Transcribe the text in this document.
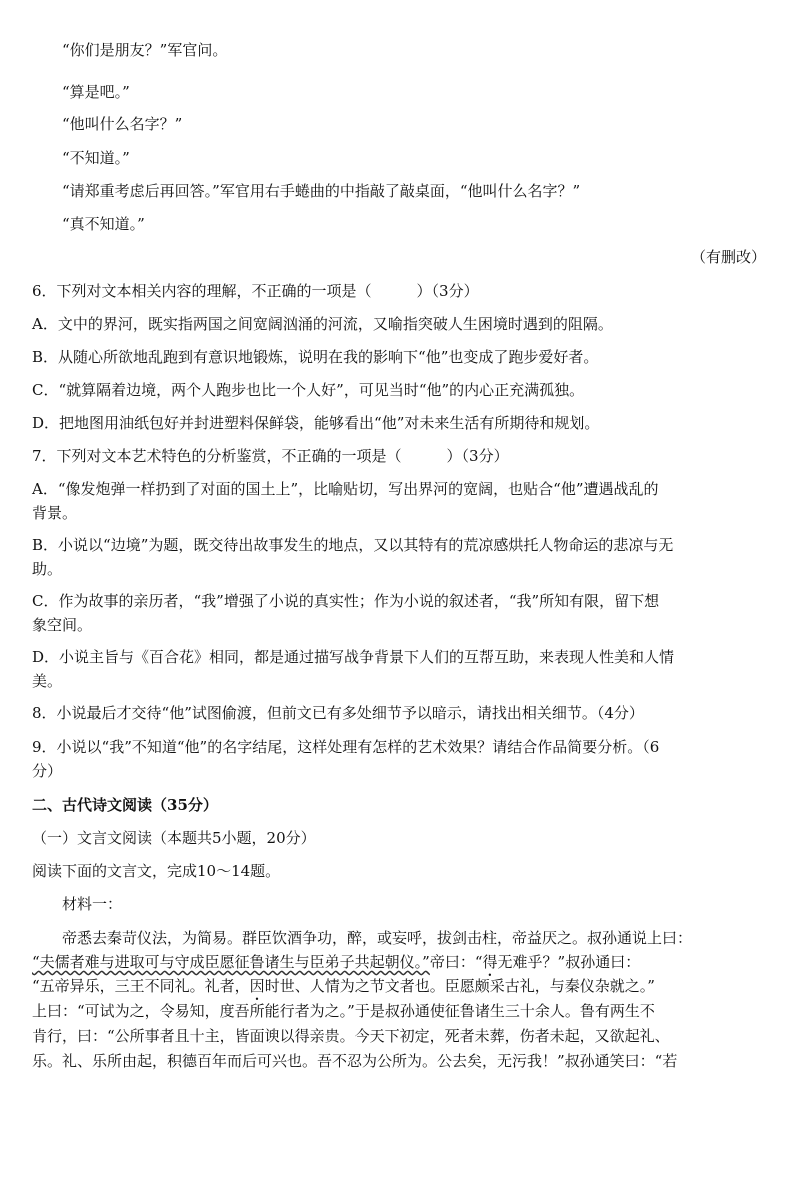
“你们是朋友？”军官问。
“算是吧。”
“他叫什么名字？”
“不知道。”
“请郑重考虑后再回答。”军官用右手蜷曲的中指敲了敲桌面，“他叫什么名字？”
“真不知道。”
（有删改）
6．下列对文本相关内容的理解，不正确的一项是（　　　）（3分）
A．文中的界河，既实指两国之间宽阔汹涌的河流，又喻指突破人生困境时遇到的阻隔。
B．从随心所欲地乱跑到有意识地锻炼，说明在我的影响下“他”也变成了跑步爱好者。
C．“就算隔着边境，两个人跑步也比一个人好”，可见当时“他”的内心正充满孤独。
D．把地图用油纸包好并封进塑料保鲜袋，能够看出“他”对未来生活有所期待和规划。
7．下列对文本艺术特色的分析鉴赏，不正确的一项是（　　　）（3分）
A．“像发炮弹一样扔到了对面的国土上”，比喻贴切，写出界河的宽阔，也贴合“他”遭遇战乱的
背景。
B．小说以“边境”为题，既交待出故事发生的地点，又以其特有的荒凉感烘托人物命运的悲凉与无
助。
C．作为故事的亲历者，“我”增强了小说的真实性；作为小说的叙述者，“我”所知有限，留下想
象空间。
D．小说主旨与《百合花》相同，都是通过描写战争背景下人们的互帮互助，来表现人性美和人情
美。
8．小说最后才交待“他”试图偷渡，但前文已有多处细节予以暗示，请找出相关细节。（4分）
9．小说以“我”不知道“他”的名字结尾，这样处理有怎样的艺术效果？请结合作品简要分析。（6
分）
二、古代诗文阅读（35分）
（一）文言文阅读（本题共5小题，20分）
阅读下面的文言文，完成10～14题。
材料一：
帝悉去秦苛仪法，为简易。群臣饮酒争功，醉，或妄呼，拔剑击柱，帝益厌之。叔孙通说上曰：
“夫儒者难与进取可与守成臣愿征鲁诸生与臣弟子共起朝仪。”帝曰：“得无难乎？”叔孙通曰：
“五帝异乐，三王不同礼。礼者，因时世、人情为之节文者也。臣愿颇采古礼，与秦仪杂就之。”
上曰：“可试为之，令易知，度吾所能行者为之。”于是叔孙通使征鲁诸生三十余人。鲁有两生不
肯行，曰：“公所事者且十主，皆面谀以得亲贵。今天下初定，死者未葬，伤者未起，又欲起礼、
乐。礼、乐所由起，积德百年而后可兴也。吾不忍为公所为。公去矣，无污我！”叔孙通笑曰：“若
